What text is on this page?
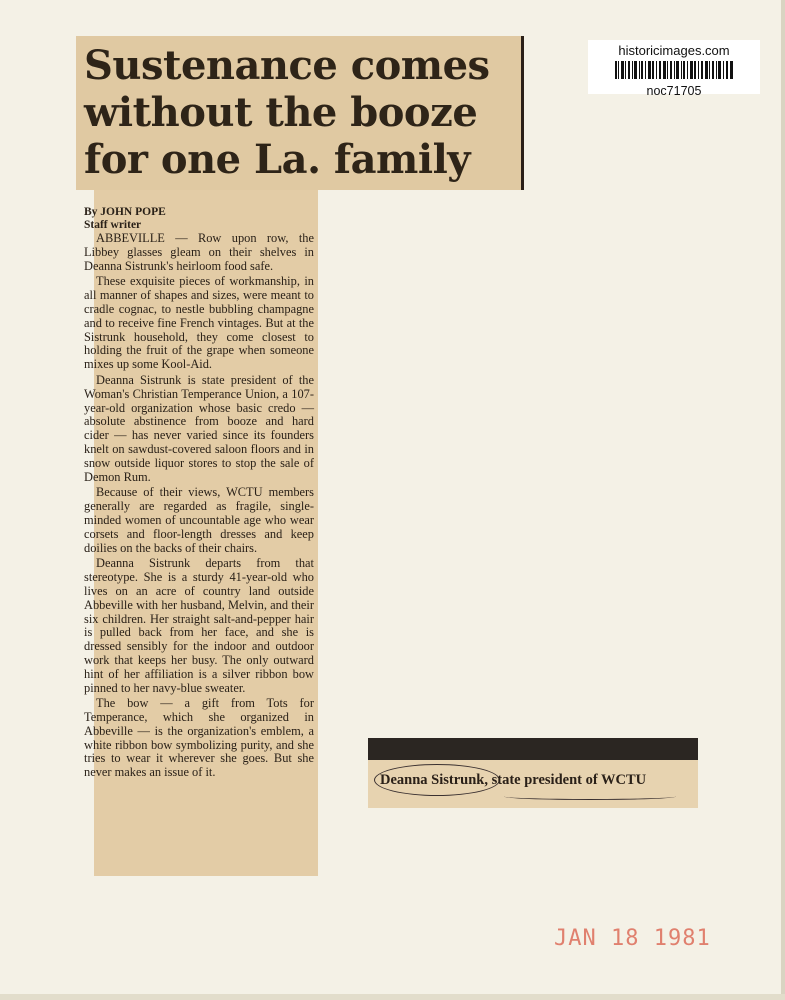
Sustenance comes
without the booze
for one La. family
By JOHN POPE
Staff writer

ABBEVILLE — Row upon row, the Libbey glasses gleam on their shelves in Deanna Sistrunk's heirloom food safe.

These exquisite pieces of workmanship, in all manner of shapes and sizes, were meant to cradle cognac, to nestle bubbling champagne and to receive fine French vintages. But at the Sistrunk household, they come closest to holding the fruit of the grape when someone mixes up some Kool-Aid.

Deanna Sistrunk is state president of the Woman's Christian Temperance Union, a 107-year-old organization whose basic credo — absolute abstinence from booze and hard cider — has never varied since its founders knelt on sawdust-covered saloon floors and in snow outside liquor stores to stop the sale of Demon Rum.

Because of their views, WCTU members generally are regarded as fragile, single-minded women of uncountable age who wear corsets and floor-length dresses and keep doilies on the backs of their chairs.

Deanna Sistrunk departs from that stereotype. She is a sturdy 41-year-old who lives on an acre of country land outside Abbeville with her husband, Melvin, and their six children. Her straight salt-and-pepper hair is pulled back from her face, and she is dressed sensibly for the indoor and outdoor work that keeps her busy. The only outward hint of her affiliation is a silver ribbon bow pinned to her navy-blue sweater.

The bow — a gift from Tots for Temperance, which she organized in Abbeville — is the organization's emblem, a white ribbon bow symbolizing purity, and she tries to wear it wherever she goes. But she never makes an issue of it.	Deanna Sistrunk, state president of WCTU
historicimages.com
noc71705
JAN 18 1981
